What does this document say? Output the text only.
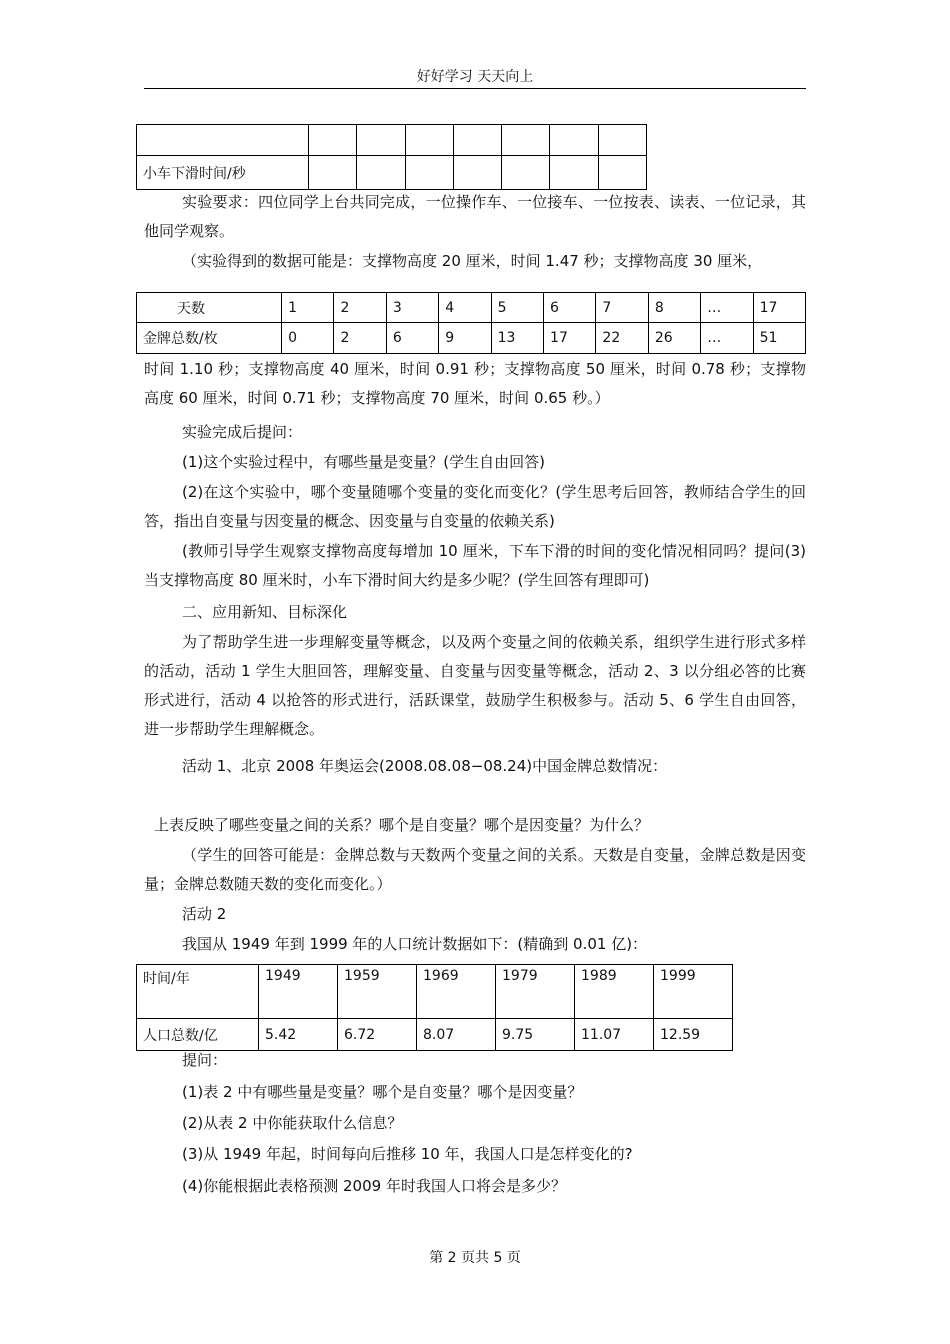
好好学习 天天向上

小车下滑时间/秒							

实验要求：四位同学上台共同完成，一位操作车、一位接车、一位按表、读表、一位记录，其他同学观察。

（实验得到的数据可能是：支撑物高度 20 厘米，时间 1.47 秒；支撑物高度 30 厘米，

天数	1	2	3	4	5	6	7	8	…	17
金牌总数/枚	0	2	6	9	13	17	22	26	…	51

时间 1.10 秒；支撑物高度 40 厘米，时间 0.91 秒；支撑物高度 50 厘米，时间 0.78 秒；支撑物高度 60 厘米，时间 0.71 秒；支撑物高度 70 厘米，时间 0.65 秒。）

实验完成后提问：

(1)这个实验过程中，有哪些量是变量？(学生自由回答)

(2)在这个实验中，哪个变量随哪个变量的变化而变化？(学生思考后回答，教师结合学生的回答，指出自变量与因变量的概念、因变量与自变量的依赖关系)

(教师引导学生观察支撑物高度每增加 10 厘米，下车下滑的时间的变化情况相同吗？提问(3)当支撑物高度 80 厘米时，小车下滑时间大约是多少呢？(学生回答有理即可)

二、应用新知、目标深化

为了帮助学生进一步理解变量等概念，以及两个变量之间的依赖关系，组织学生进行形式多样的活动，活动 1 学生大胆回答，理解变量、自变量与因变量等概念，活动 2、3 以分组必答的比赛形式进行，活动 4 以抢答的形式进行，活跃课堂，鼓励学生积极参与。活动 5、6 学生自由回答，进一步帮助学生理解概念。

活动 1、北京 2008 年奥运会(2008.08.08−08.24)中国金牌总数情况：

上表反映了哪些变量之间的关系？哪个是自变量？哪个是因变量？为什么？

（学生的回答可能是：金牌总数与天数两个变量之间的关系。天数是自变量，金牌总数是因变量；金牌总数随天数的变化而变化。）

活动 2

我国从 1949 年到 1999 年的人口统计数据如下：(精确到 0.01 亿)：

时间/年	1949	1959	1969	1979	1989	1999
人口总数/亿	5.42	6.72	8.07	9.75	11.07	12.59

提问：

(1)表 2 中有哪些量是变量？哪个是自变量？哪个是因变量？

(2)从表 2 中你能获取什么信息？

(3)从 1949 年起，时间每向后推移 10 年，我国人口是怎样变化的?

(4)你能根据此表格预测 2009 年时我国人口将会是多少？

第 2 页共 5 页
